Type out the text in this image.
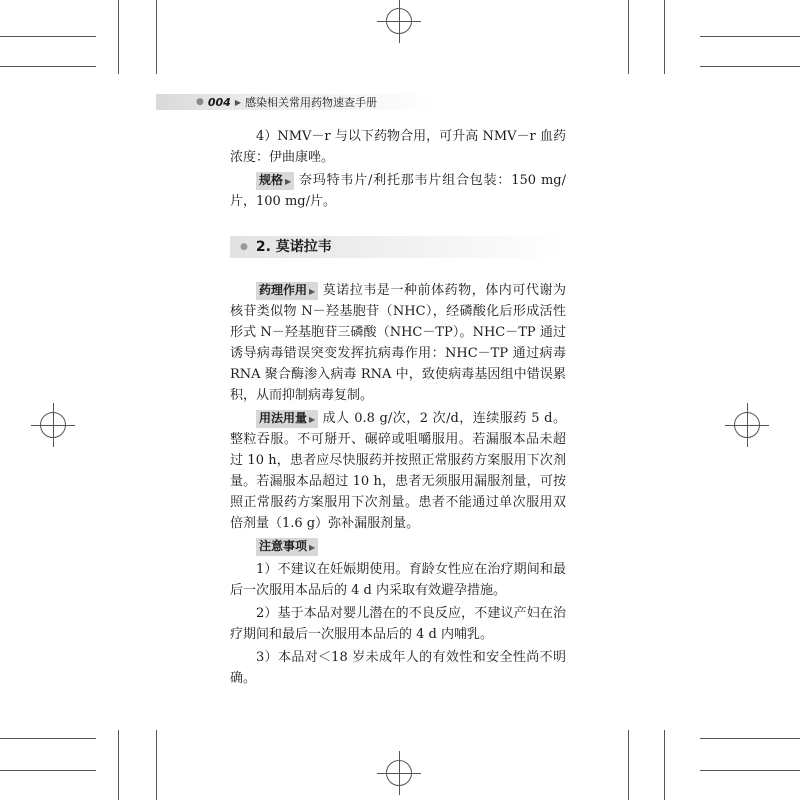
● 004 ▶ 感染相关常用药物速查手册

4）NMV－r 与以下药物合用，可升高 NMV－r 血药浓度：伊曲康唑。

规格 ▶ 奈玛特韦片/利托那韦片组合包装：150 mg/片，100 mg/片。

● 2. 莫诺拉韦

药理作用 ▶ 莫诺拉韦是一种前体药物，体内可代谢为核苷类似物 N－羟基胞苷（NHC），经磷酸化后形成活性形式 N－羟基胞苷三磷酸（NHC－TP）。NHC－TP 通过诱导病毒错误突变发挥抗病毒作用：NHC－TP 通过病毒 RNA 聚合酶渗入病毒 RNA 中，致使病毒基因组中错误累积，从而抑制病毒复制。

用法用量 ▶ 成人 0.8 g/次，2 次/d，连续服药 5 d。整粒吞服。不可掰开、碾碎或咀嚼服用。若漏服本品未超过 10 h，患者应尽快服药并按照正常服药方案服用下次剂量。若漏服本品超过 10 h，患者无须服用漏服剂量，可按照正常服药方案服用下次剂量。患者不能通过单次服用双倍剂量（1.6 g）弥补漏服剂量。

注意事项 ▶

1）不建议在妊娠期使用。育龄女性应在治疗期间和最后一次服用本品后的 4 d 内采取有效避孕措施。

2）基于本品对婴儿潜在的不良反应，不建议产妇在治疗期间和最后一次服用本品后的 4 d 内哺乳。

3）本品对＜18 岁未成年人的有效性和安全性尚不明确。
